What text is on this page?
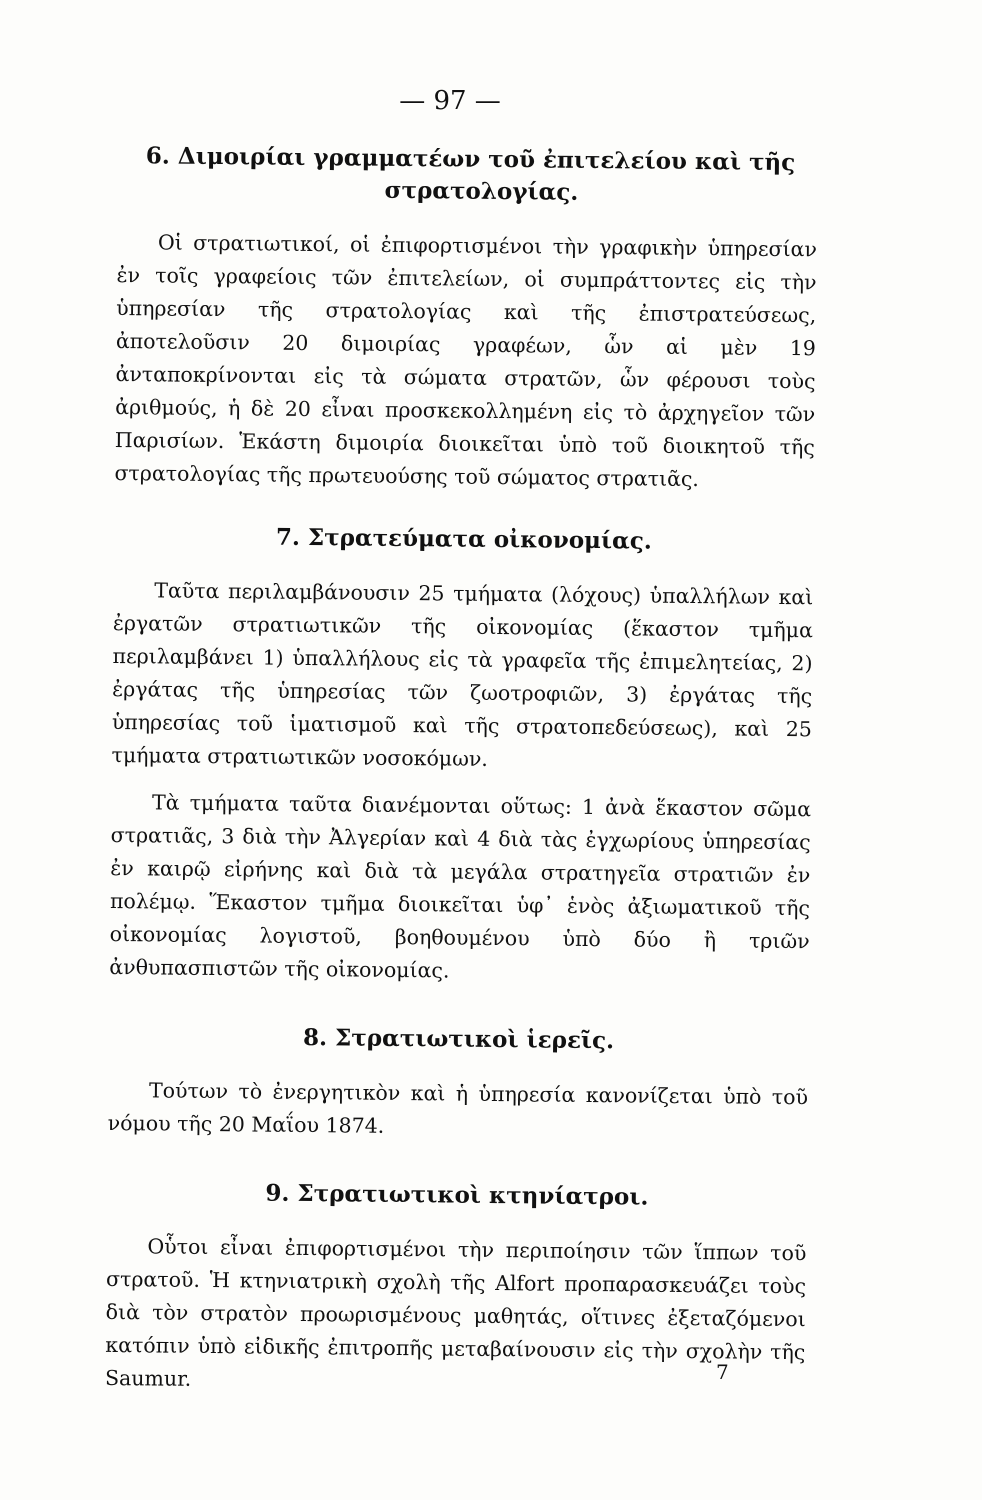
— 97 —
6. Διμοιρίαι γραμματέων τοῦ ἐπιτελείου καὶ τῆς
στρατολογίας.

Οἱ στρατιωτικοί, οἱ ἐπιφορτισμένοι τὴν γραφικὴν ὑπηρεσίαν ἐν τοῖς γραφείοις τῶν ἐπιτελείων, οἱ συμπράττοντες εἰς τὴν ὑπηρεσίαν τῆς στρατολογίας καὶ τῆς ἐπιστρατεύσεως, ἀποτελοῦσιν 20 διμοιρίας γραφέων, ὧν αἱ μὲν 19 ἀνταποκρίνονται εἰς τὰ σώματα στρατῶν, ὧν φέρουσι τοὺς ἀριθμούς, ἡ δὲ 20 εἶναι προσκεκολλημένη εἰς τὸ ἀρχηγεῖον τῶν Παρισίων. Ἑκάστη διμοιρία διοικεῖται ὑπὸ τοῦ διοικητοῦ τῆς στρατολογίας τῆς πρωτευούσης τοῦ σώματος στρατιᾶς.

7. Στρατεύματα οἰκονομίας.

Ταῦτα περιλαμβάνουσιν 25 τμήματα (λόχους) ὑπαλλήλων καὶ ἐργατῶν στρατιωτικῶν τῆς οἰκονομίας (ἕκαστον τμῆμα περιλαμβάνει 1) ὑπαλλήλους εἰς τὰ γραφεῖα τῆς ἐπιμελητείας, 2) ἐργάτας τῆς ὑπηρεσίας τῶν ζωοτροφιῶν, 3) ἐργάτας τῆς ὑπηρεσίας τοῦ ἱματισμοῦ καὶ τῆς στρατοπεδεύσεως), καὶ 25 τμήματα στρατιωτικῶν νοσοκόμων.

Τὰ τμήματα ταῦτα διανέμονται οὕτως: 1 ἀνὰ ἕκαστον σῶμα στρατιᾶς, 3 διὰ τὴν Ἀλγερίαν καὶ 4 διὰ τὰς ἐγχωρίους ὑπηρεσίας ἐν καιρῷ εἰρήνης καὶ διὰ τὰ μεγάλα στρατηγεῖα στρατιῶν ἐν πολέμῳ. Ἕκαστον τμῆμα διοικεῖται ὑφ᾽ ἑνὸς ἀξιωματικοῦ τῆς οἰκονομίας λογιστοῦ, βοηθουμένου ὑπὸ δύο ἢ τριῶν ἀνθυπασπιστῶν τῆς οἰκονομίας.

8. Στρατιωτικοὶ ἱερεῖς.

Τούτων τὸ ἐνεργητικὸν καὶ ἡ ὑπηρεσία κανονίζεται ὑπὸ τοῦ νόμου τῆς 20 Μαΐου 1874.

9. Στρατιωτικοὶ κτηνίατροι.

Οὗτοι εἶναι ἐπιφορτισμένοι τὴν περιποίησιν τῶν ἵππων τοῦ στρατοῦ. Ἡ κτηνιατρικὴ σχολὴ τῆς Alfort προπαρασκευάζει τοὺς διὰ τὸν στρατὸν προωρισμένους μαθητάς, οἵτινες ἐξεταζόμενοι κατόπιν ὑπὸ εἰδικῆς ἐπιτροπῆς μεταβαίνουσιν εἰς τὴν σχολὴν τῆς Saumur.	7
